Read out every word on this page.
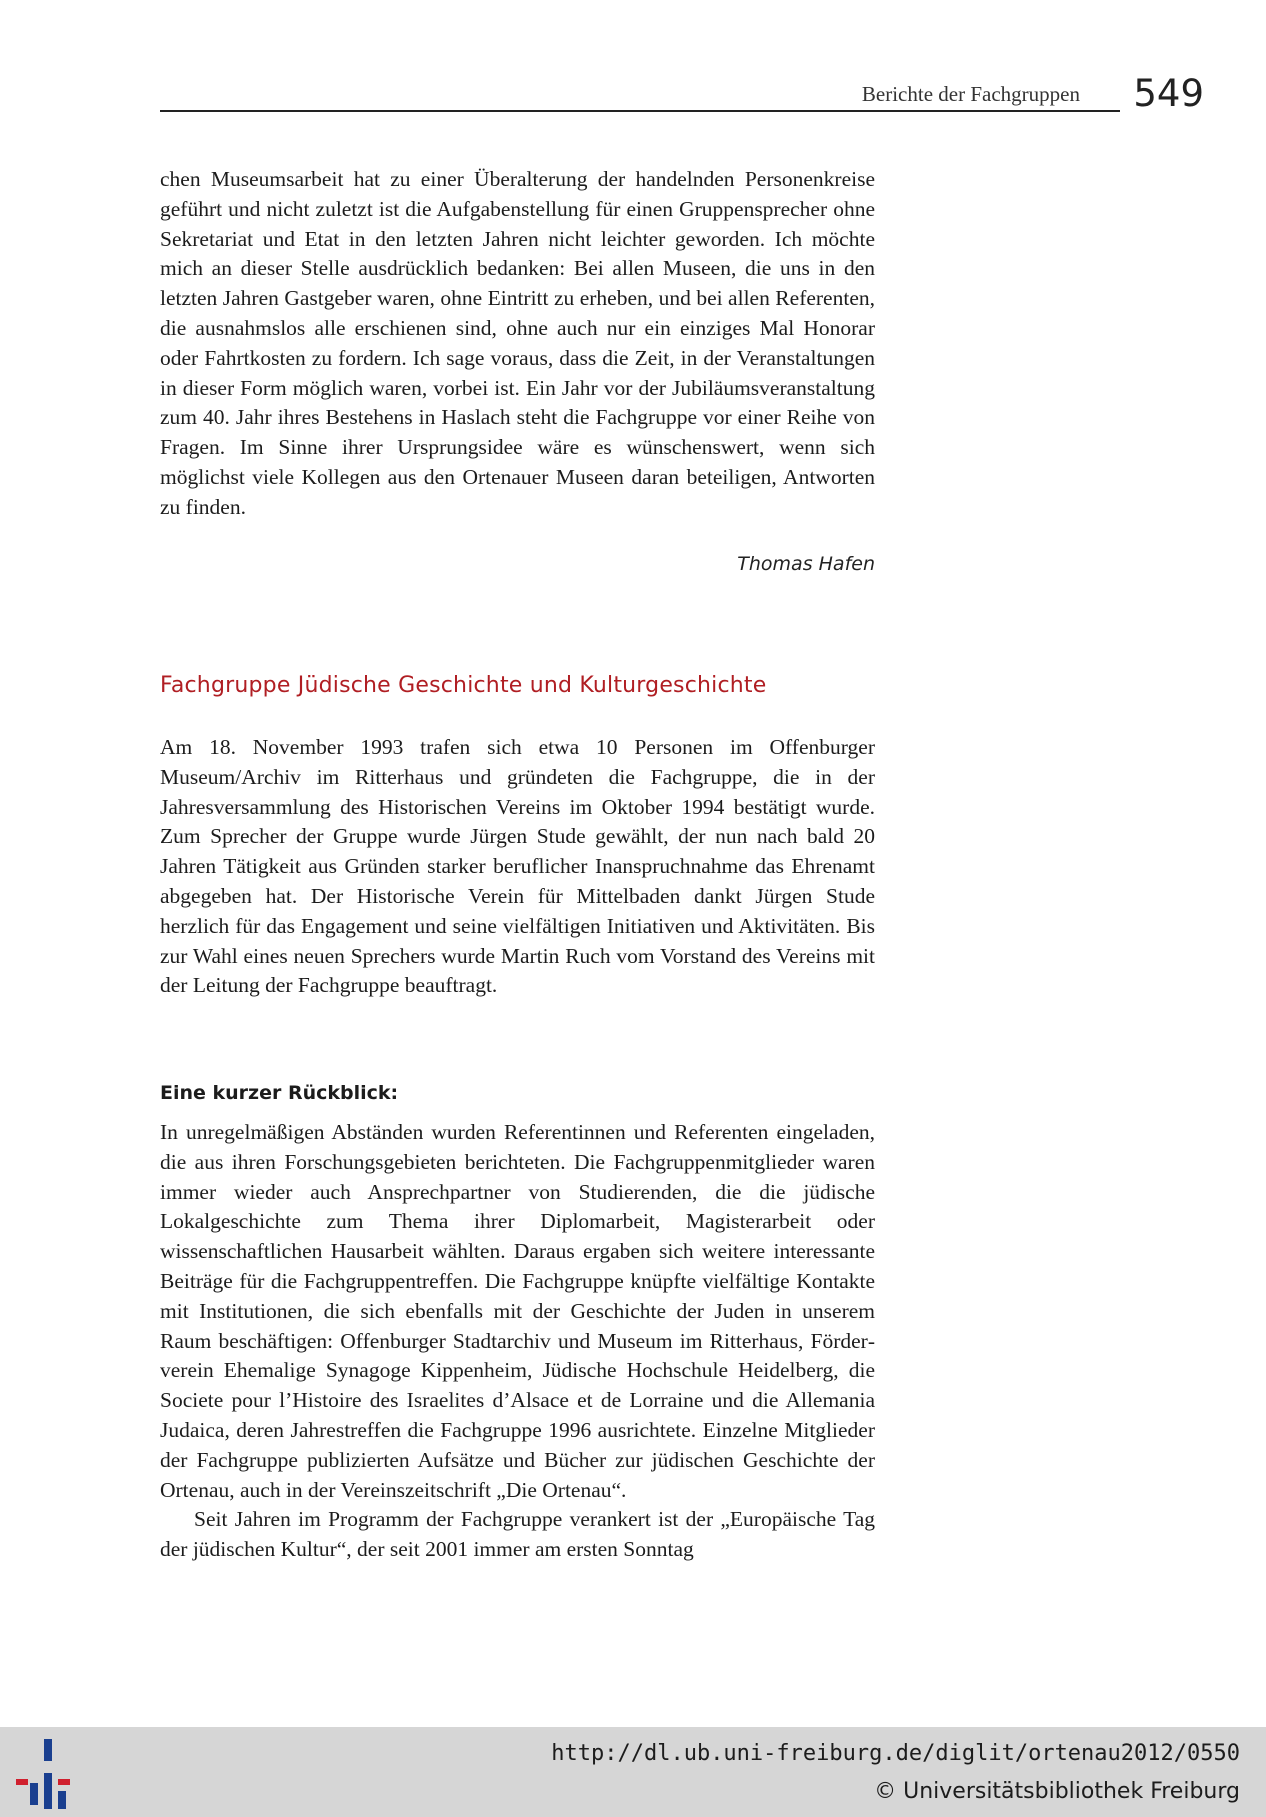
Berichte der Fachgruppen 549

chen Museumsarbeit hat zu einer Überalterung der handelnden Personenkreise geführt und nicht zuletzt ist die Aufgabenstellung für einen Gruppensprecher ohne Sekretariat und Etat in den letzten Jahren nicht leichter geworden. Ich möchte mich an dieser Stelle ausdrücklich bedanken: Bei allen Museen, die uns in den letzten Jahren Gastgeber waren, ohne Eintritt zu erheben, und bei allen Referenten, die ausnahmslos alle erschienen sind, ohne auch nur ein einziges Mal Honorar oder Fahrtkosten zu fordern. Ich sage voraus, dass die Zeit, in der Veranstaltungen in dieser Form möglich waren, vorbei ist. Ein Jahr vor der Jubiläumsveranstaltung zum 40. Jahr ihres Bestehens in Haslach steht die Fachgruppe vor einer Reihe von Fragen. Im Sinne ihrer Ursprungsidee wäre es wünschenswert, wenn sich möglichst viele Kollegen aus den Ortenauer Museen daran beteiligen, Antworten zu finden.

Thomas Hafen
Fachgruppe Jüdische Geschichte und Kulturgeschichte

Am 18. November 1993 trafen sich etwa 10 Personen im Offenburger Museum/Archiv im Ritterhaus und gründeten die Fachgruppe, die in der Jahresversammlung des Historischen Vereins im Oktober 1994 bestätigt wurde. Zum Sprecher der Gruppe wurde Jürgen Stude gewählt, der nun nach bald 20 Jahren Tätigkeit aus Gründen starker beruflicher Inanspruchnahme das Ehrenamt abgegeben hat. Der Historische Verein für Mittelbaden dankt Jürgen Stude herzlich für das Engagement und seine vielfältigen Initiativen und Aktivitäten. Bis zur Wahl eines neuen Sprechers wurde Martin Ruch vom Vorstand des Vereins mit der Leitung der Fachgruppe beauftragt.

Eine kurzer Rückblick:

In unregelmäßigen Abständen wurden Referentinnen und Referenten eingeladen, die aus ihren Forschungsgebieten berichteten. Die Fachgruppenmitglieder waren immer wieder auch Ansprechpartner von Studierenden, die die jüdische Lokalgeschichte zum Thema ihrer Diplomarbeit, Magisterarbeit oder wissenschaftlichen Hausarbeit wählten. Daraus ergaben sich weitere interessante Beiträge für die Fachgruppentreffen. Die Fachgruppe knüpfte vielfältige Kontakte mit Institutionen, die sich ebenfalls mit der Geschichte der Juden in unserem Raum beschäftigen: Offenburger Stadtarchiv und Museum im Ritterhaus, Förderverein Ehemalige Synagoge Kippenheim, Jüdische Hochschule Heidelberg, die Societe pour l’Histoire des Israelites d’Alsace et de Lorraine und die Allemania Judaica, deren Jahrestreffen die Fachgruppe 1996 ausrichtete. Einzelne Mitglieder der Fachgruppe publizierten Aufsätze und Bücher zur jüdischen Geschichte der Ortenau, auch in der Vereinszeitschrift „Die Ortenau“.

Seit Jahren im Programm der Fachgruppe verankert ist der „Europäische Tag der jüdischen Kultur“, der seit 2001 immer am ersten Sonntag

http://dl.ub.uni-freiburg.de/diglit/ortenau2012/0550
© Universitätsbibliothek Freiburg
